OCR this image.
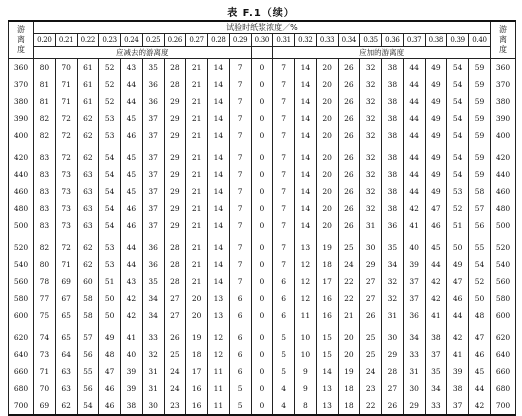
表 F.1（续）
游离度	试验时纸浆浓度／%																					游离度
	0.20	0.21	0.22	0.23	0.24	0.25	0.26	0.27	0.28	0.29	0.30	0.31	0.32	0.33	0.34	0.35	0.36	0.37	0.38	0.39	0.40	
	应减去的游离度											应加的游离度										
360	80	70	61	52	43	35	28	21	14	7	0	7	14	20	26	32	38	44	49	54	59	360
370	81	71	61	52	44	36	28	21	14	7	0	7	14	20	26	32	38	44	49	54	59	370
380	81	71	61	52	44	36	29	21	14	7	0	7	14	20	26	32	38	44	49	54	59	380
390	82	72	62	53	45	37	29	21	14	7	0	7	14	20	26	32	38	44	49	54	59	390
400	82	72	62	53	46	37	29	21	14	7	0	7	14	20	26	32	38	44	49	54	59	400

420	83	72	62	54	45	37	29	21	14	7	0	7	14	20	26	32	38	44	49	54	59	420
440	83	73	63	54	45	37	29	21	14	7	0	7	14	20	26	32	38	44	49	54	59	440
460	83	73	63	54	45	37	29	21	14	7	0	7	14	20	26	32	38	44	49	53	58	460
480	83	73	63	54	46	37	29	21	14	7	0	7	14	20	26	32	38	42	47	52	57	480
500	83	73	63	54	46	37	29	21	14	7	0	7	14	20	26	31	36	41	46	51	56	500

520	82	72	62	53	44	36	28	21	14	7	0	7	13	19	25	30	35	40	45	50	55	520
540	80	71	62	53	44	36	28	21	14	7	0	7	12	18	24	29	34	39	44	49	54	540
560	78	69	60	51	43	35	28	21	14	7	0	6	12	17	22	27	32	37	42	47	52	560
580	77	67	58	50	42	34	27	20	13	6	0	6	12	16	22	27	32	37	42	46	50	580
600	75	65	58	50	42	34	27	20	13	6	0	6	11	16	21	26	31	36	41	44	48	600

620	74	65	57	49	41	33	26	19	12	6	0	5	10	15	20	25	30	34	38	42	47	620
640	73	64	56	48	40	32	25	18	12	6	0	5	10	15	20	25	29	33	37	41	46	640
660	71	63	55	47	39	31	24	17	11	6	0	5	9	14	19	24	28	31	35	39	45	660
680	70	63	56	46	39	31	24	16	11	5	0	4	9	13	18	23	27	30	34	38	44	680
700	69	62	54	46	38	30	23	16	11	5	0	4	8	13	18	22	26	29	33	37	42	700
